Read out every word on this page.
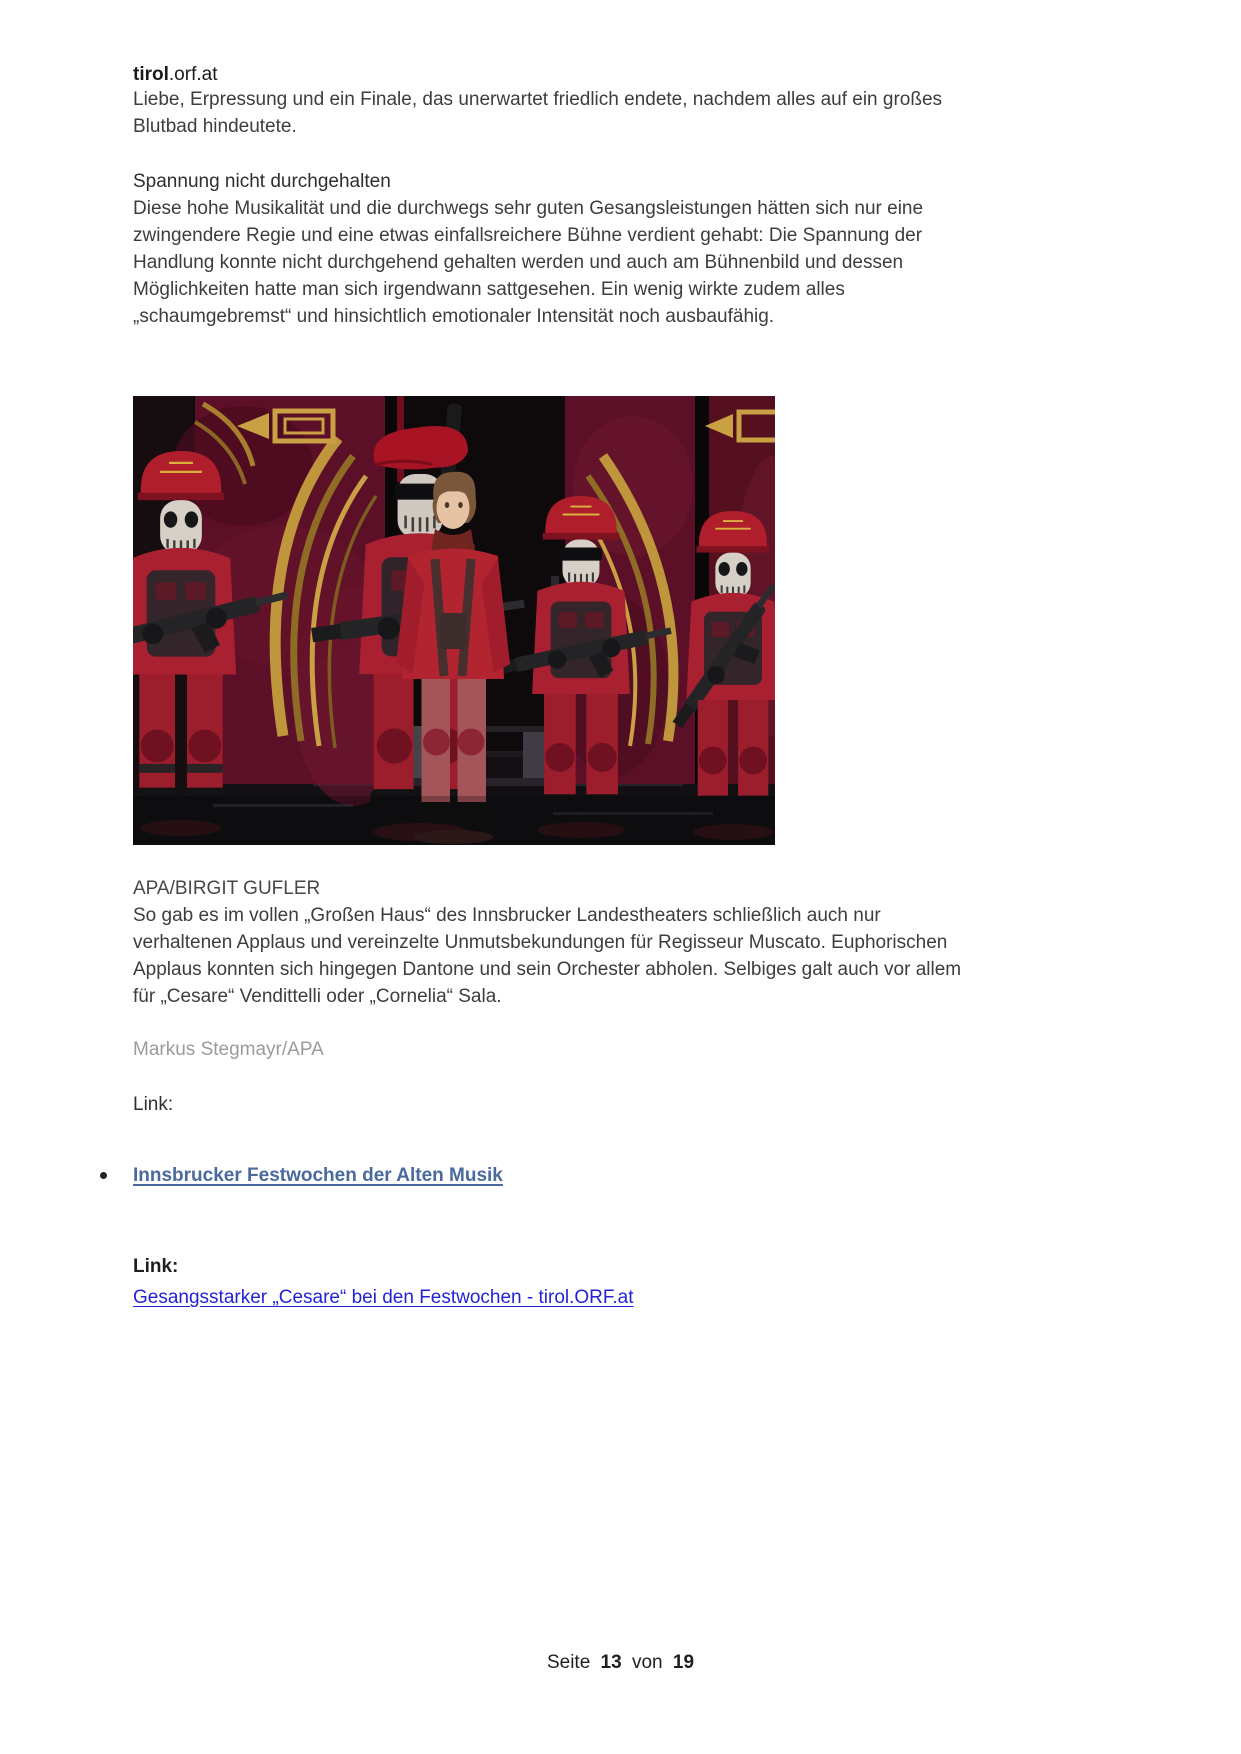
tirol.orf.at

Liebe, Erpressung und ein Finale, das unerwartet friedlich endete, nachdem alles auf ein großes Blutbad hindeutete.

Spannung nicht durchgehalten

Diese hohe Musikalität und die durchwegs sehr guten Gesangsleistungen hätten sich nur eine zwingendere Regie und eine etwas einfallsreichere Bühne verdient gehabt: Die Spannung der Handlung konnte nicht durchgehend gehalten werden und auch am Bühnenbild und dessen Möglichkeiten hatte man sich irgendwann sattgesehen. Ein wenig wirkte zudem alles „schaumgebremst“ und hinsichtlich emotionaler Intensität noch ausbaufähig.

APA/BIRGIT GUFLER

So gab es im vollen „Großen Haus“ des Innsbrucker Landestheaters schließlich auch nur verhaltenen Applaus und vereinzelte Unmutsbekundungen für Regisseur Muscato. Euphorischen Applaus konnten sich hingegen Dantone und sein Orchester abholen. Selbiges galt auch vor allem für „Cesare“ Vendittelli oder „Cornelia“ Sala.

Markus Stegmayr/APA
Link:
Innsbrucker Festwochen der Alten Musik
Link:
Gesangsstarker „Cesare“ bei den Festwochen - tirol.ORF.at
Seite 13 von 19
